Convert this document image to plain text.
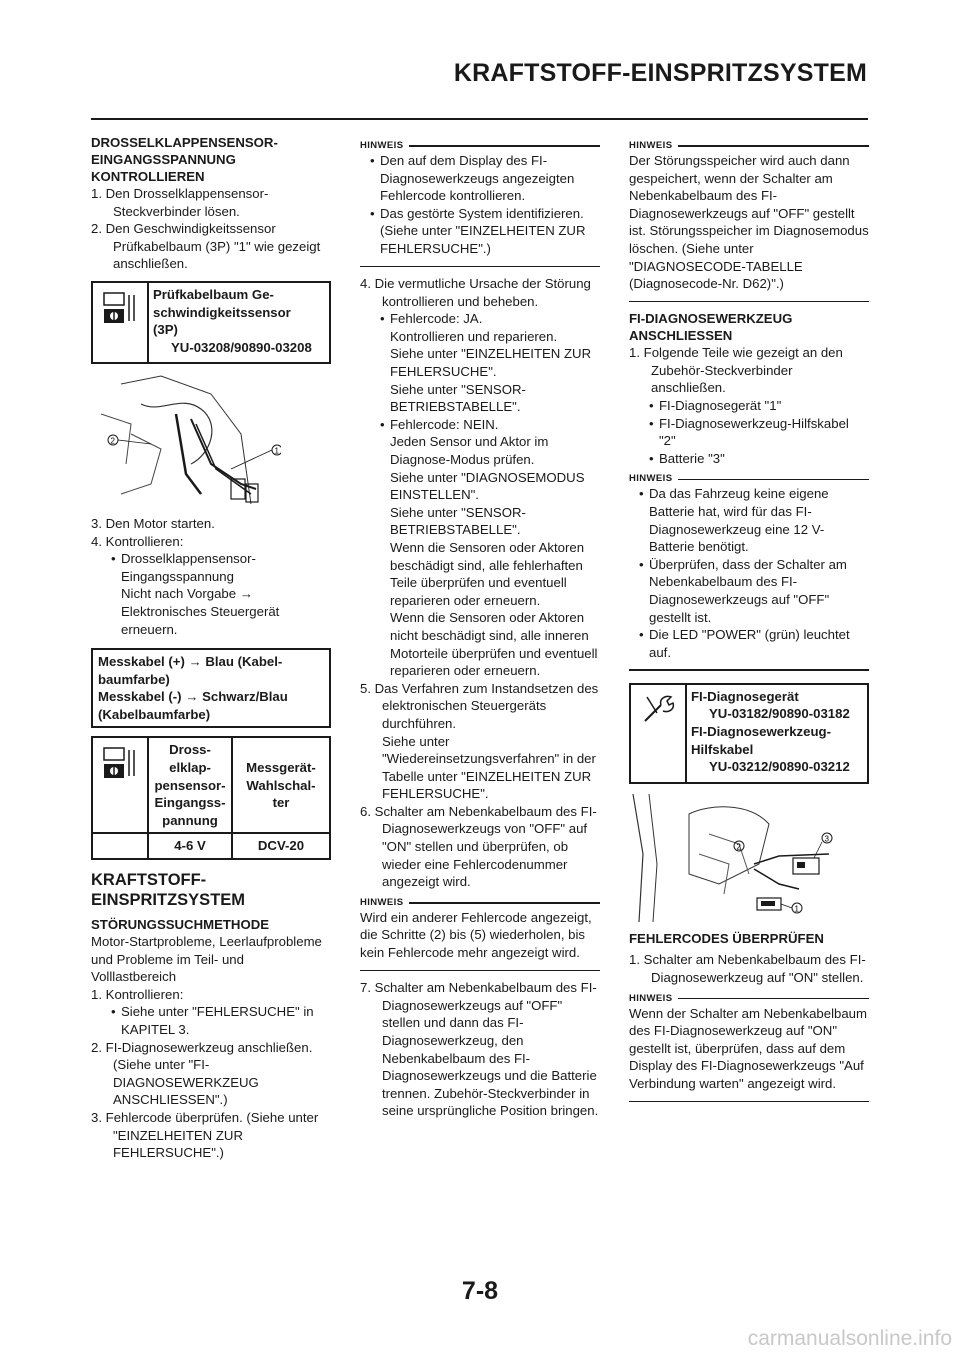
KRAFTSTOFF-EINSPRITZSYSTEM
DROSSELKLAPPENSENSOR-
EINGANGSSPANNUNG
KONTROLLIEREN

1. Den Drosselklappensensor-Steckverbinder lösen.

2. Den Geschwindigkeitssensor Prüfkabelbaum (3P) "1" wie gezeigt anschließen.

Prüfkabelbaum Ge-
schwindigkeitssensor
(3P)
YU-03208/90890-03208
2
1

3. Den Motor starten.

4. Kontrollieren:

• Drosselklappensensor-Eingangsspannung

Nicht nach Vorgabe → Elektronisches Steuergerät erneuern.

Messkabel (+) → Blau (Kabel-
baumfarbe)
Messkabel (-) → Schwarz/Blau
(Kabelbaumfarbe)
Dross-
elklap-
pensensor-
Eingangss-
pannung
Messgerät-
Wahlschal-
ter
4-6 V	DCV-20
KRAFTSTOFF-
EINSPRITZSYSTEM
STÖRUNGSSUCHMETHODE

Motor-Startprobleme, Leerlaufprobleme und Probleme im Teil- und Volllastbereich

1. Kontrollieren:

• Siehe unter "FEHLERSUCHE" in KAPITEL 3.

2. FI-Diagnosewerkzeug anschließen. (Siehe unter "FI-DIAGNOSEWERKZEUG ANSCHLIESSEN".)

3. Fehlercode überprüfen. (Siehe unter "EINZELHEITEN ZUR FEHLERSUCHE".)

HINWEIS

• Den auf dem Display des FI-Diagnosewerkzeugs angezeigten Fehlercode kontrollieren.

• Das gestörte System identifizieren. (Siehe unter "EINZELHEITEN ZUR FEHLERSUCHE".)

4. Die vermutliche Ursache der Störung kontrollieren und beheben.

• Fehlercode: JA.

Kontrollieren und reparieren.

Siehe unter "EINZELHEITEN ZUR FEHLERSUCHE".

Siehe unter "SENSOR-BETRIEBSTABELLE".

• Fehlercode: NEIN.

Jeden Sensor und Aktor im Diagnose-Modus prüfen.

Siehe unter "DIAGNOSEMODUS EINSTELLEN".

Siehe unter "SENSOR-BETRIEBSTABELLE".

Wenn die Sensoren oder Aktoren beschädigt sind, alle fehlerhaften Teile überprüfen und eventuell reparieren oder erneuern.

Wenn die Sensoren oder Aktoren nicht beschädigt sind, alle inneren Motorteile überprüfen und eventuell reparieren oder erneuern.

5. Das Verfahren zum Instandsetzen des elektronischen Steuergeräts durchführen.

Siehe unter "Wiedereinsetzungsverfahren" in der Tabelle unter "EINZELHEITEN ZUR FEHLERSUCHE".

6. Schalter am Nebenkabelbaum des FI-Diagnosewerkzeugs von "OFF" auf "ON" stellen und überprüfen, ob wieder eine Fehlercodenummer angezeigt wird.

HINWEIS

Wird ein anderer Fehlercode angezeigt, die Schritte (2) bis (5) wiederholen, bis kein Fehlercode mehr angezeigt wird.

7. Schalter am Nebenkabelbaum des FI-Diagnosewerkzeugs auf "OFF" stellen und dann das FI-Diagnosewerkzeug, den Nebenkabelbaum des FI-Diagnosewerkzeugs und die Batterie trennen. Zubehör-Steckverbinder in seine ursprüngliche Position bringen.

HINWEIS

Der Störungsspeicher wird auch dann gespeichert, wenn der Schalter am Nebenkabelbaum des FI-Diagnosewerkzeugs auf "OFF" gestellt ist. Störungsspeicher im Diagnosemodus löschen. (Siehe unter "DIAGNOSECODE-TABELLE (Diagnosecode-Nr. D62)".)

FI-DIAGNOSEWERKZEUG
ANSCHLIESSEN

1. Folgende Teile wie gezeigt an den Zubehör-Steckverbinder anschließen.

• FI-Diagnosegerät "1"

• FI-Diagnosewerkzeug-Hilfskabel "2"

• Batterie "3"

HINWEIS

• Da das Fahrzeug keine eigene Batterie hat, wird für das FI-Diagnosewerkzeug eine 12 V-Batterie benötigt.

• Überprüfen, dass der Schalter am Nebenkabelbaum des FI-Diagnosewerkzeugs auf "OFF" gestellt ist.

• Die LED "POWER" (grün) leuchtet auf.

FI-Diagnosegerät
YU-03182/90890-03182
FI-Diagnosewerkzeug-
Hilfskabel
YU-03212/90890-03212
2
3
1
FEHLERCODES ÜBERPRÜFEN

1. Schalter am Nebenkabelbaum des FI-Diagnosewerkzeug auf "ON" stellen.

HINWEIS

Wenn der Schalter am Nebenkabelbaum des FI-Diagnosewerkzeug auf "ON" gestellt ist, überprüfen, dass auf dem Display des FI-Diagnosewerkzeugs "Auf Verbindung warten" angezeigt wird.

7-8
carmanualsonline.info
